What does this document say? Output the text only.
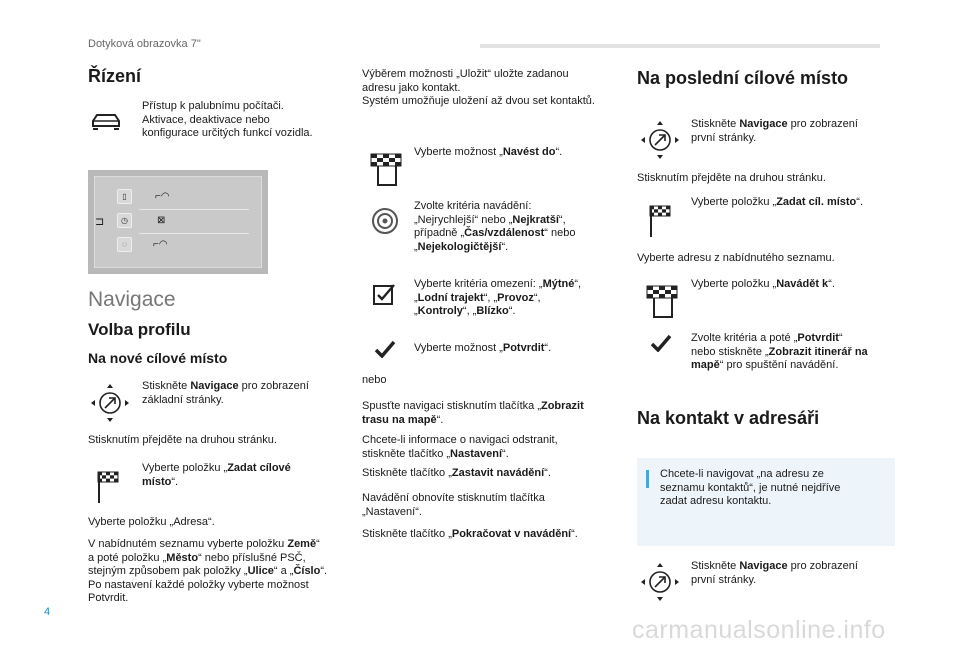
Dotyková obrazovka 7"
Řízení
Přístup k palubnímu počítači.
Aktivace, deaktivace nebo
konfigurace určitých funkcí vozidla.
▯
◷
◌
⊐
⌐◠
⊠
⌐◠
Navigace
Volba profilu
Na nové cílové místo
Stiskněte Navigace pro zobrazení
základní stránky.
Stisknutím přejděte na druhou stránku.
Vyberte položku „Zadat cílové
místo“.
Vyberte položku „Adresa“.
V nabídnutém seznamu vyberte položku Země“
a poté položku „Město“ nebo příslušné PSČ,
stejným způsobem pak položky „Ulice“ a „Číslo“.
Po nastavení každé položky vyberte možnost
Potvrdit.
Výběrem možnosti „Uložit“ uložte zadanou
adresu jako kontakt.
Systém umožňuje uložení až dvou set kontaktů.
Vyberte možnost „Navést do“.
Zvolte kritéria navádění:
„Nejrychlejší“ nebo „Nejkratší“,
případně „Čas/vzdálenost“ nebo
„Nejekologičtější“.
Vyberte kritéria omezení: „Mýtné“,
„Lodní trajekt“, „Provoz“,
„Kontroly“, „Blízko“.
Vyberte možnost „Potvrdit“.
nebo
Spusťte navigaci stisknutím tlačítka „Zobrazit
trasu na mapě“.
Chcete-li informace o navigaci odstranit,
stiskněte tlačítko „Nastavení“.
Stiskněte tlačítko „Zastavit navádění“.
Navádění obnovíte stisknutím tlačítka
„Nastavení“.
Stiskněte tlačítko „Pokračovat v navádění“.
Na poslední cílové místo
Stiskněte Navigace pro zobrazení
první stránky.
Stisknutím přejděte na druhou stránku.
Vyberte položku „Zadat cíl. místo“.
Vyberte adresu z nabídnutého seznamu.
Vyberte položku „Navádět k“.
Zvolte kritéria a poté „Potvrdit“
nebo stiskněte „Zobrazit itinerář na
mapě“ pro spuštění navádění.
Na kontakt v adresáři
Chcete-li navigovat „na adresu ze
seznamu kontaktů“, je nutné nejdříve
zadat adresu kontaktu.
Stiskněte Navigace pro zobrazení
první stránky.
4
carmanualsonline.info
